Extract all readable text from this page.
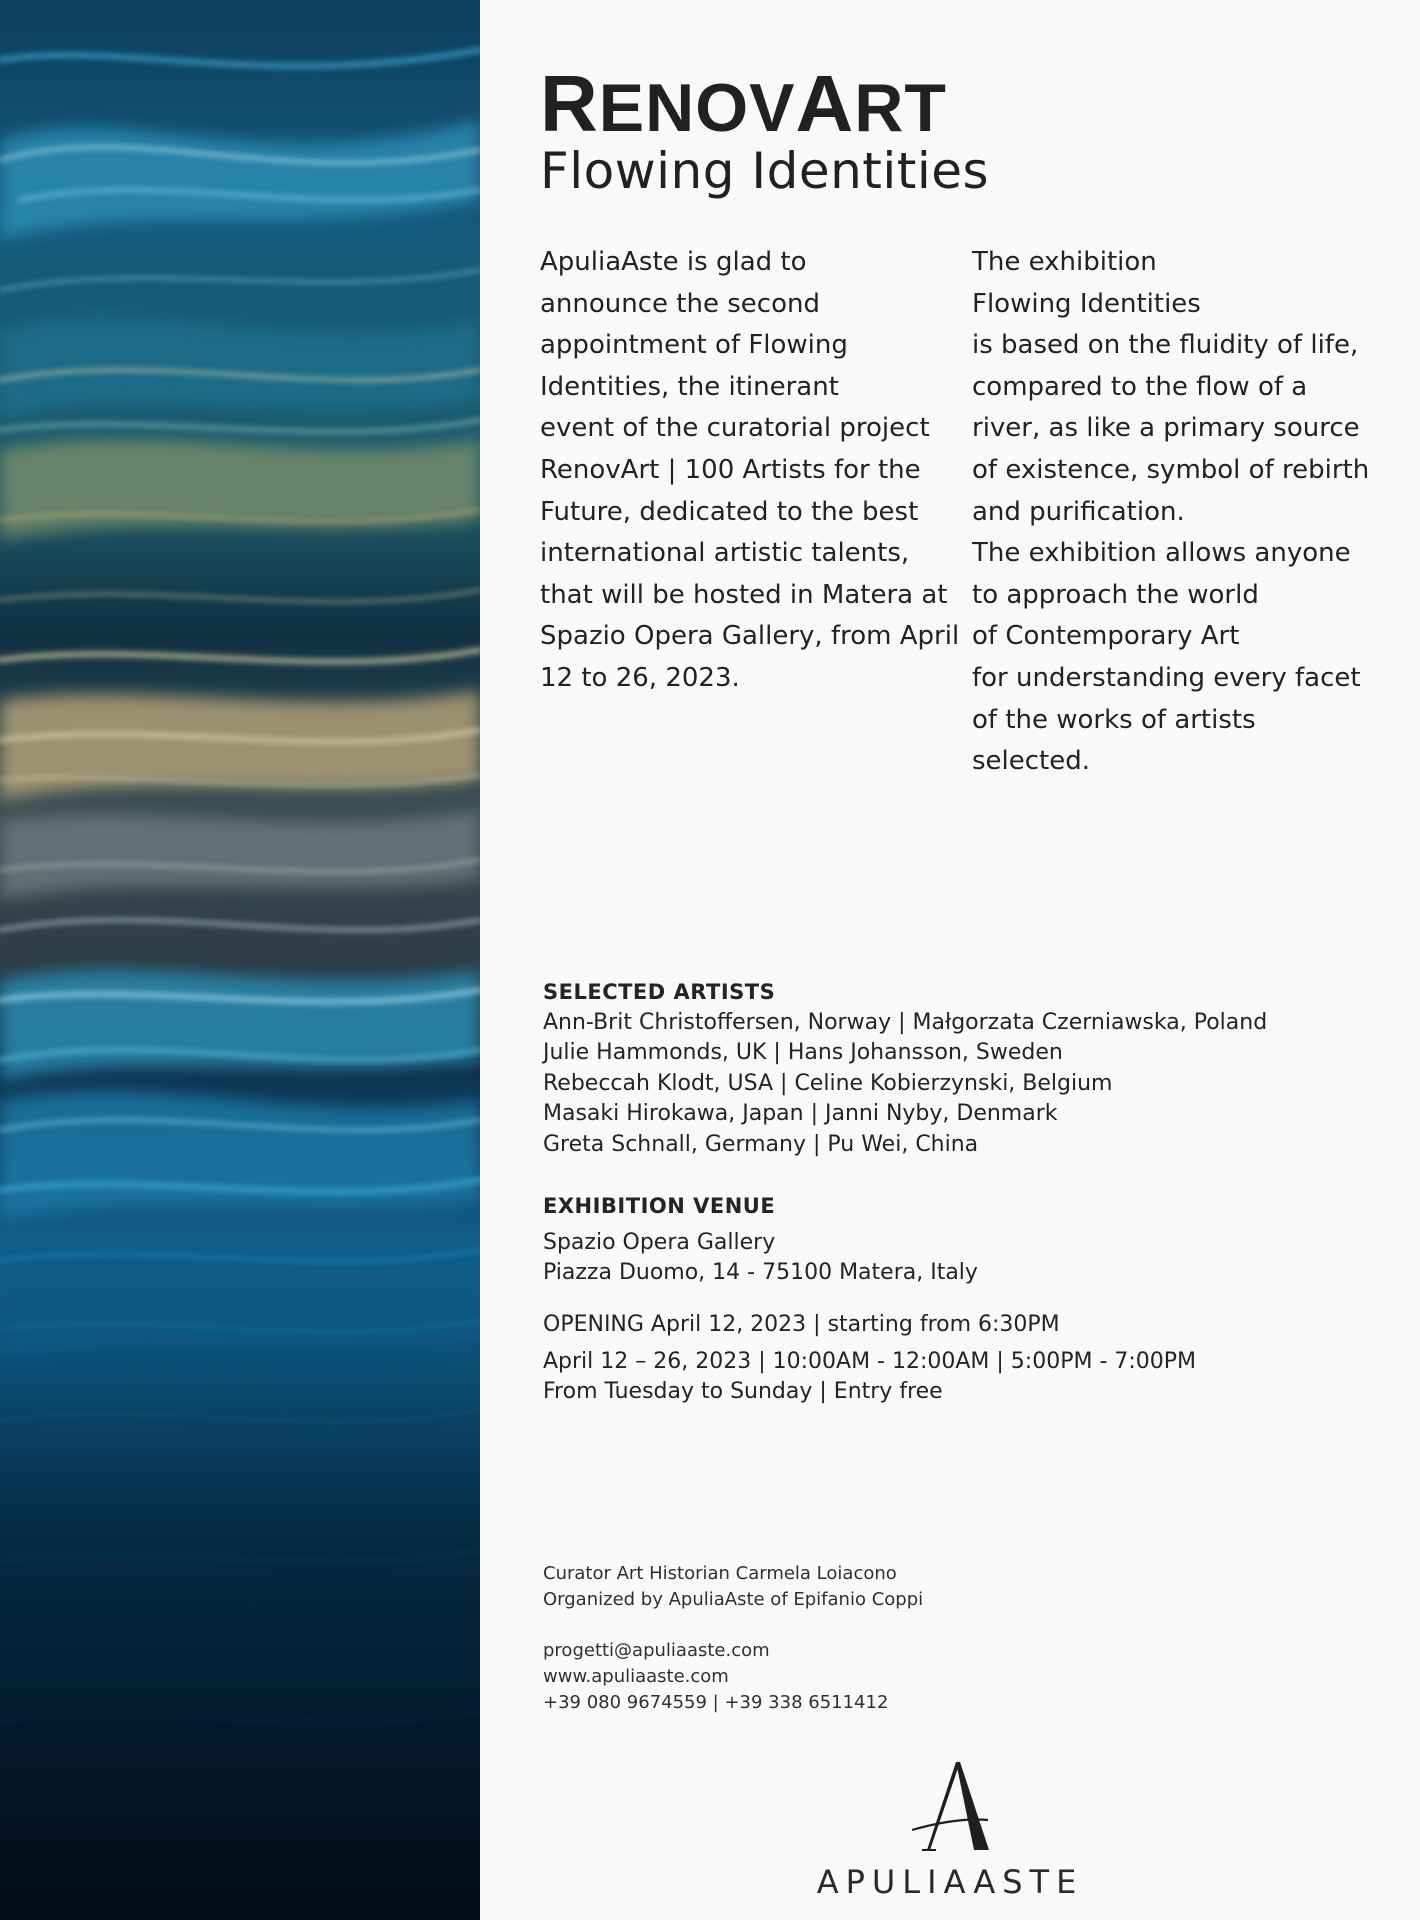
RENOVART
Flowing Identities

ApuliaAste is glad to
announce the second
appointment of Flowing
Identities, the itinerant
event of the curatorial project
RenovArt | 100 Artists for the
Future, dedicated to the best
international artistic talents,
that will be hosted in Matera at
Spazio Opera Gallery, from April
12 to 26, 2023.

The exhibition
Flowing Identities
is based on the fluidity of life,
compared to the flow of a
river, as like a primary source
of existence, symbol of rebirth
and purification.
The exhibition allows anyone
to approach the world
of Contemporary Art
for understanding every facet
of the works of artists
selected.

SELECTED ARTISTS
Ann-Brit Christoffersen, Norway | Małgorzata Czerniawska, Poland
Julie Hammonds, UK | Hans Johansson, Sweden
Rebeccah Klodt, USA | Celine Kobierzynski, Belgium
Masaki Hirokawa, Japan | Janni Nyby, Denmark
Greta Schnall, Germany | Pu Wei, China
EXHIBITION VENUE
Spazio Opera Gallery
Piazza Duomo, 14 - 75100 Matera, Italy
OPENING April 12, 2023 | starting from 6:30PM
April 12 – 26, 2023 | 10:00AM - 12:00AM | 5:00PM - 7:00PM
From Tuesday to Sunday | Entry free
Curator Art Historian Carmela Loiacono
Organized by ApuliaAste of Epifanio Coppi
progetti@apuliaaste.com
www.apuliaaste.com
+39 080 9674559 | +39 338 6511412
APULIAASTE
